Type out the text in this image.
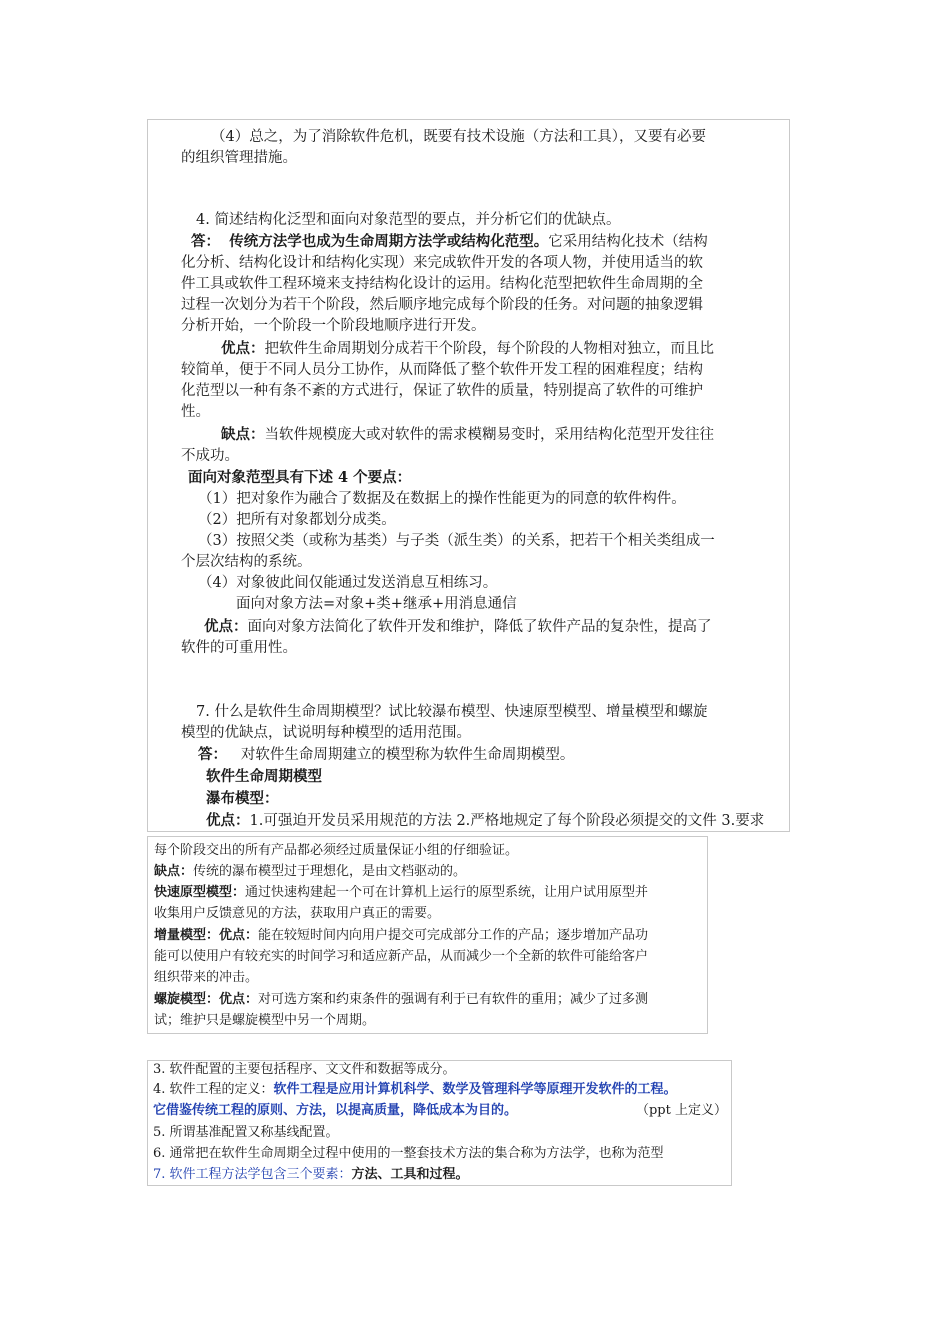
（4）总之，为了消除软件危机，既要有技术设施（方法和工具），又要有必要
的组织管理措施。
4. 简述结构化泛型和面向对象范型的要点，并分析它们的优缺点。
答： 传统方法学也成为生命周期方法学或结构化范型。它采用结构化技术（结构
化分析、结构化设计和结构化实现）来完成软件开发的各项人物，并使用适当的软
件工具或软件工程环境来支持结构化设计的运用。结构化范型把软件生命周期的全
过程一次划分为若干个阶段，然后顺序地完成每个阶段的任务。对问题的抽象逻辑
分析开始，一个阶段一个阶段地顺序进行开发。
优点：把软件生命周期划分成若干个阶段，每个阶段的人物相对独立，而且比
较简单，便于不同人员分工协作，从而降低了整个软件开发工程的困难程度；结构
化范型以一种有条不紊的方式进行，保证了软件的质量，特别提高了软件的可维护
性。
缺点：当软件规模庞大或对软件的需求模糊易变时，采用结构化范型开发往往
不成功。
面向对象范型具有下述 4 个要点：
（1）把对象作为融合了数据及在数据上的操作性能更为的同意的软件构件。
（2）把所有对象都划分成类。
（3）按照父类（或称为基类）与子类（派生类）的关系，把若干个相关类组成一
个层次结构的系统。
（4）对象彼此间仅能通过发送消息互相练习。
面向对象方法=对象+类+继承+用消息通信
优点：面向对象方法简化了软件开发和维护，降低了软件产品的复杂性，提高了
软件的可重用性。
7. 什么是软件生命周期模型？试比较瀑布模型、快速原型模型、增量模型和螺旋
模型的优缺点，试说明每种模型的适用范围。
答： 对软件生命周期建立的模型称为软件生命周期模型。
软件生命周期模型
瀑布模型：
优点：1.可强迫开发员采用规范的方法 2.严格地规定了每个阶段必须提交的文件 3.要求
每个阶段交出的所有产品都必须经过质量保证小组的仔细验证。
缺点：传统的瀑布模型过于理想化，是由文档驱动的。
快速原型模型：通过快速构建起一个可在计算机上运行的原型系统，让用户试用原型并
收集用户反馈意见的方法，获取用户真正的需要。
增量模型：优点：能在较短时间内向用户提交可完成部分工作的产品；逐步增加产品功
能可以使用户有较充实的时间学习和适应新产品，从而减少一个全新的软件可能给客户
组织带来的冲击。
螺旋模型：优点：对可选方案和约束条件的强调有利于已有软件的重用；减少了过多测
试；维护只是螺旋模型中另一个周期。
3. 软件配置的主要包括程序、文文件和数据等成分。
4. 软件工程的定义：软件工程是应用计算机科学、数学及管理科学等原理开发软件的工程。
它借鉴传统工程的原则、方法，以提高质量，降低成本为目的。	（ppt 上定义）
5. 所谓基准配置又称基线配置。
6. 通常把在软件生命周期全过程中使用的一整套技术方法的集合称为方法学，也称为范型
7. 软件工程方法学包含三个要素：方法、工具和过程。
